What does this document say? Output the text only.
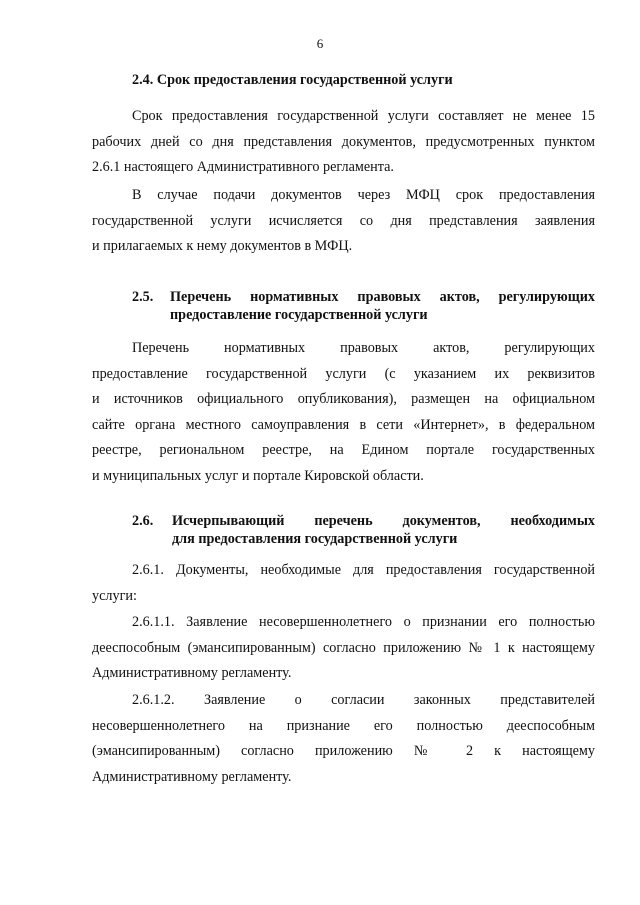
6
2.4. Срок предоставления государственной услуги
Срок предоставления государственной услуги составляет не менее 15
рабочих дней со дня представления документов, предусмотренных пунктом
2.6.1 настоящего Административного регламента.
В случае подачи документов через МФЦ срок предоставления
государственной услуги исчисляется со дня представления заявления
и прилагаемых к нему документов в МФЦ.
2.5. Перечень нормативных правовых актов, регулирующих
предоставление государственной услуги
Перечень нормативных правовых актов, регулирующих
предоставление государственной услуги (с указанием их реквизитов
и источников официального опубликования), размещен на официальном
сайте органа местного самоуправления в сети «Интернет», в федеральном
реестре, региональном реестре, на Едином портале государственных
и муниципальных услуг и портале Кировской области.
2.6. Исчерпывающий перечень документов, необходимых
для предоставления государственной услуги
2.6.1. Документы, необходимые для предоставления государственной
услуги:
2.6.1.1. Заявление несовершеннолетнего о признании его полностью
дееспособным (эмансипированным) согласно приложению № 1 к настоящему
Административному регламенту.
2.6.1.2. Заявление о согласии законных представителей
несовершеннолетнего на признание его полностью дееспособным
(эмансипированным) согласно приложению № 2 к настоящему
Административному регламенту.
